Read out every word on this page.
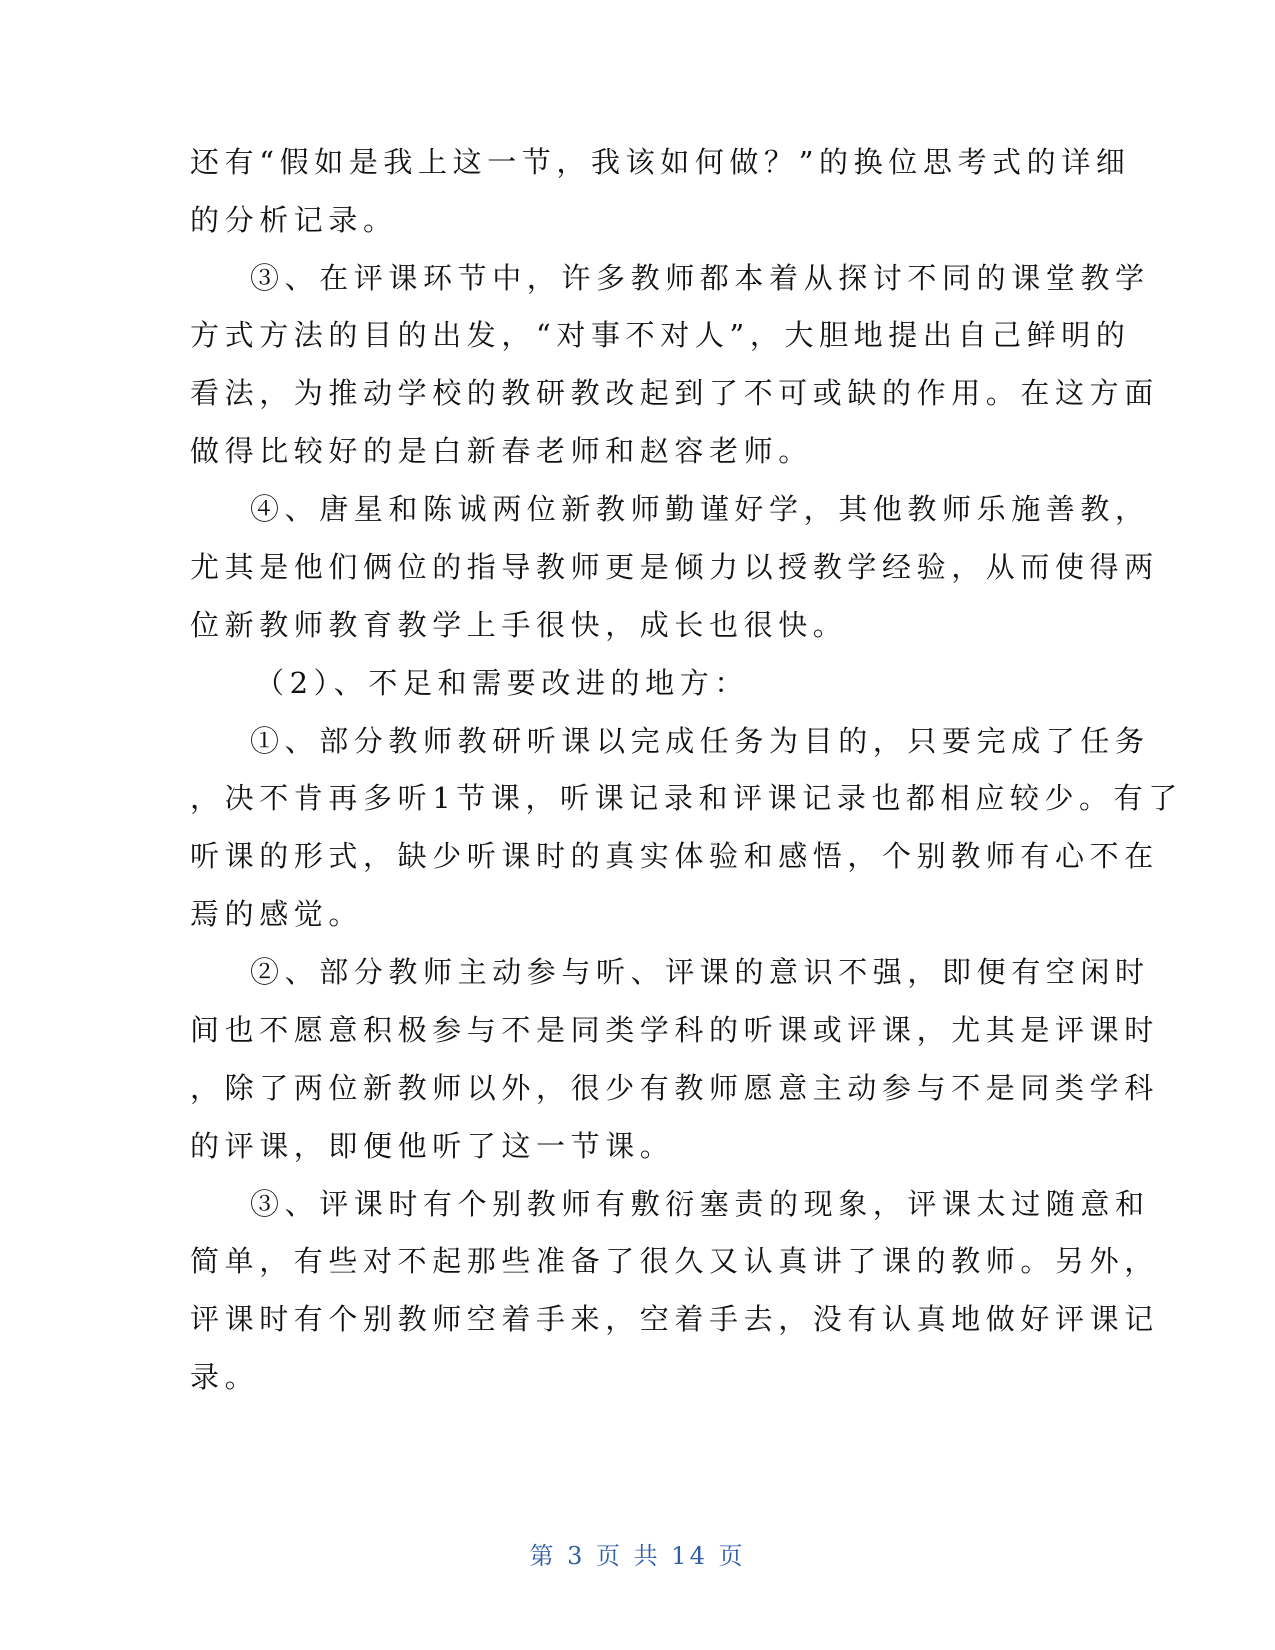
还有“假如是我上这一节，我该如何做？”的换位思考式的详细
的分析记录。
③、在评课环节中，许多教师都本着从探讨不同的课堂教学
方式方法的目的出发，“对事不对人”，大胆地提出自己鲜明的
看法，为推动学校的教研教改起到了不可或缺的作用。在这方面
做得比较好的是白新春老师和赵容老师。
④、唐星和陈诚两位新教师勤谨好学，其他教师乐施善教，
尤其是他们俩位的指导教师更是倾力以授教学经验，从而使得两
位新教师教育教学上手很快，成长也很快。
（2）、不足和需要改进的地方：
①、部分教师教研听课以完成任务为目的，只要完成了任务
，决不肯再多听1节课，听课记录和评课记录也都相应较少。有了
听课的形式，缺少听课时的真实体验和感悟，个别教师有心不在
焉的感觉。
②、部分教师主动参与听、评课的意识不强，即便有空闲时
间也不愿意积极参与不是同类学科的听课或评课，尤其是评课时
，除了两位新教师以外，很少有教师愿意主动参与不是同类学科
的评课，即便他听了这一节课。
③、评课时有个别教师有敷衍塞责的现象，评课太过随意和
简单，有些对不起那些准备了很久又认真讲了课的教师。另外，
评课时有个别教师空着手来，空着手去，没有认真地做好评课记
录。
第 3 页 共 14 页
